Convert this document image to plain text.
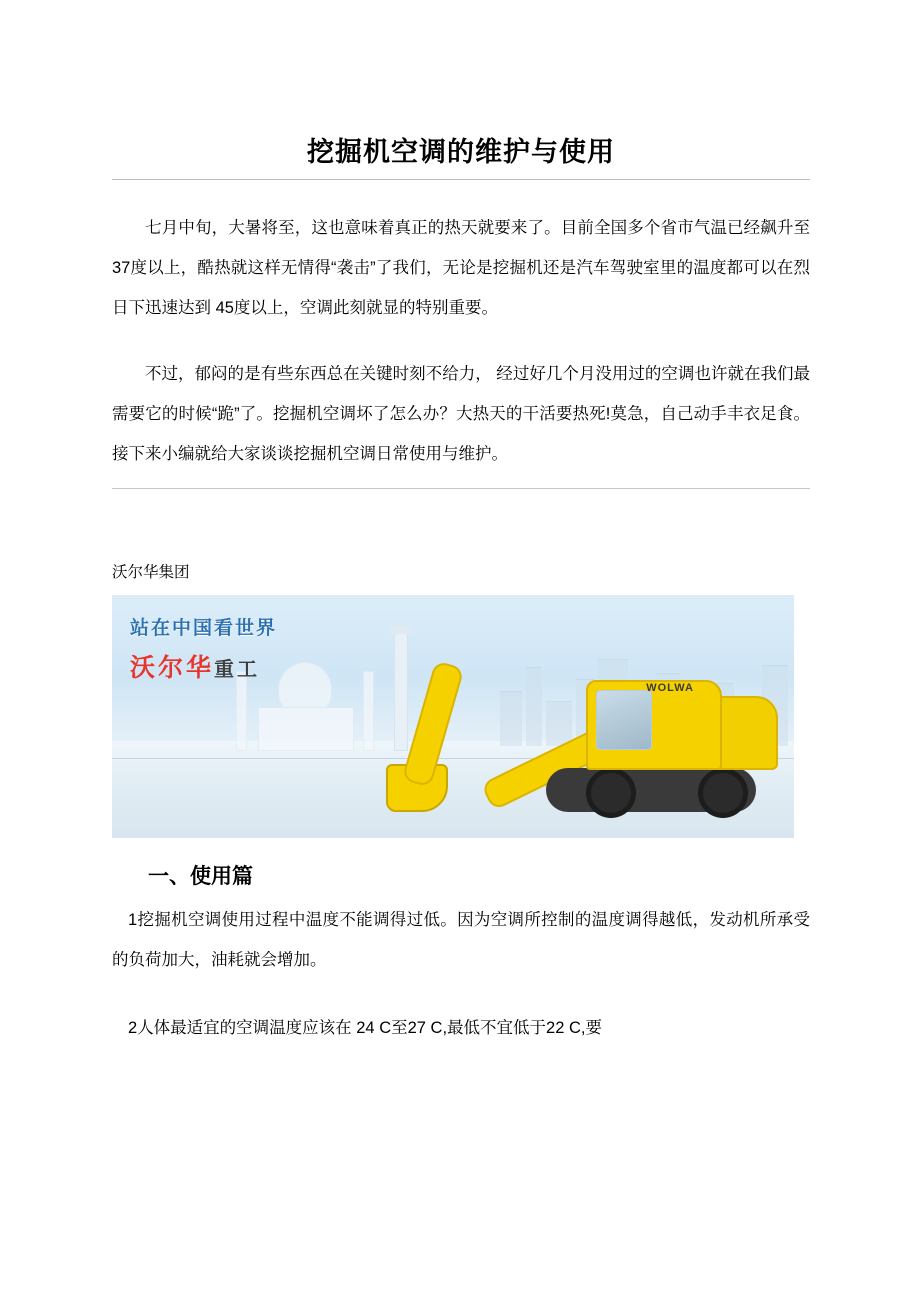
挖掘机空调的维护与使用

七月中旬，大暑将至，这也意味着真正的热天就要来了。目前全国多个省市气温已经飙升至37度以上，酷热就这样无情得“袭击”了我们，无论是挖掘机还是汽车驾驶室里的温度都可以在烈日下迅速达到 45度以上，空调此刻就显的特别重要。

不过，郁闷的是有些东西总在关键时刻不给力， 经过好几个月没用过的空调也许就在我们最需要它的时候“跪”了。挖掘机空调坏了怎么办？大热天的干活要热死!莫急，自己动手丰衣足食。接下来小编就给大家谈谈挖掘机空调日常使用与维护。

沃尔华集团

WOLWA
站在中国看世界
沃尔华重工
一、使用篇

1挖掘机空调使用过程中温度不能调得过低。因为空调所控制的温度调得越低，发动机所承受的负荷加大，油耗就会增加。

2人体最适宜的空调温度应该在 24 C至27 C,最低不宜低于22 C,要
